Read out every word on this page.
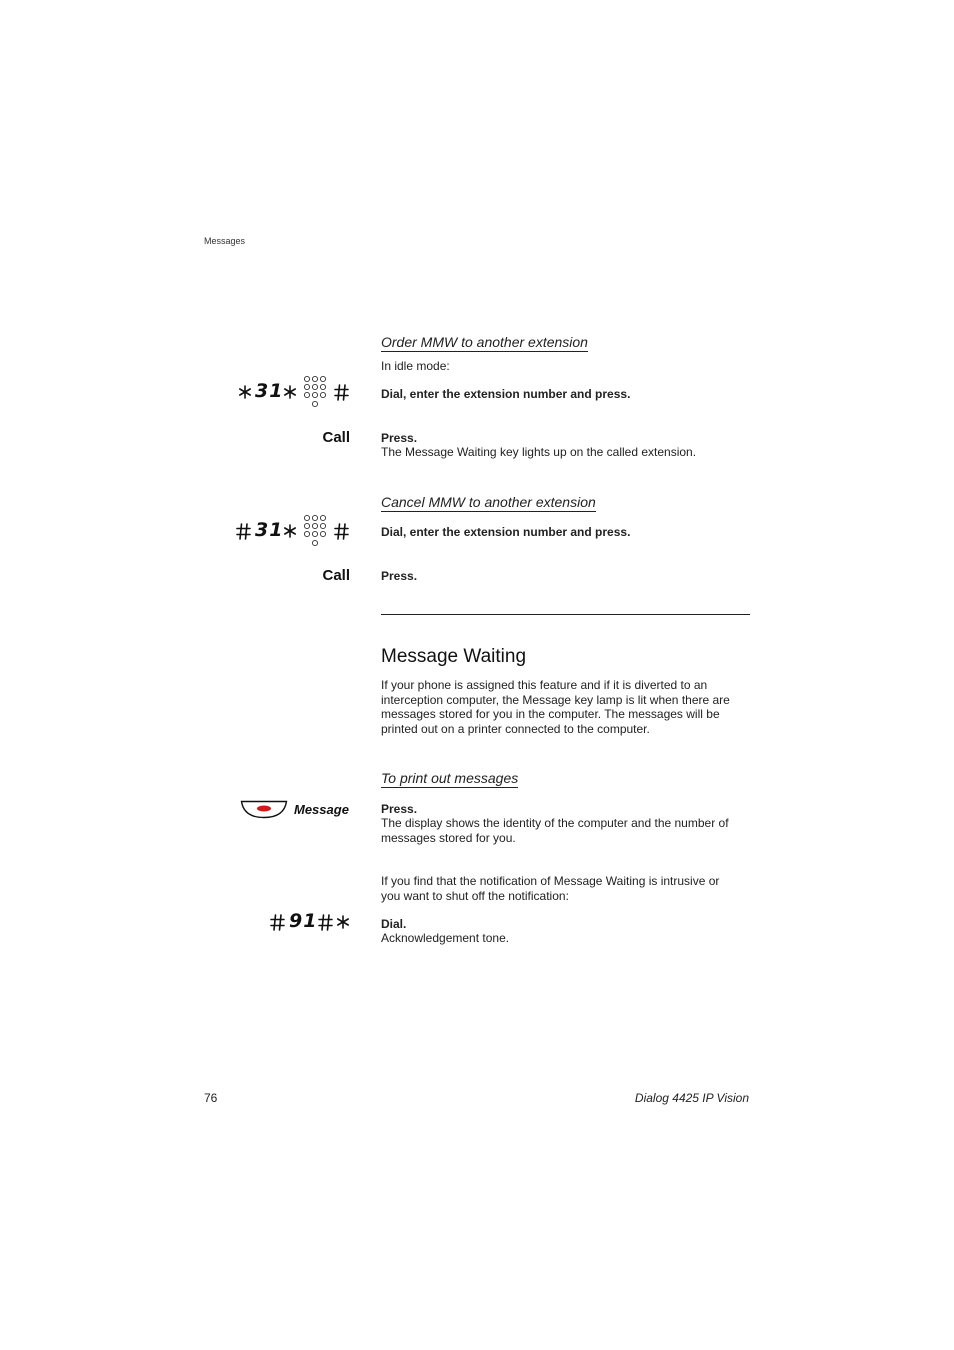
Messages
Order MMW to another extension
In idle mode:
31	Dial, enter the extension number and press.
Call	Press.
The Message Waiting key lights up on the called extension.
Cancel MMW to another extension
31	Dial, enter the extension number and press.
Call	Press.
Message Waiting
If your phone is assigned this feature and if it is diverted to an interception computer, the Message key lamp is lit when there are messages stored for you in the computer. The messages will be printed out on a printer connected to the computer.
To print out messages
Message	Press.
The display shows the identity of the computer and the number of messages stored for you.
If you find that the notification of Message Waiting is intrusive or you want to shut off the notification:
91	Dial.
Acknowledgement tone.
76	Dialog 4425 IP Vision
